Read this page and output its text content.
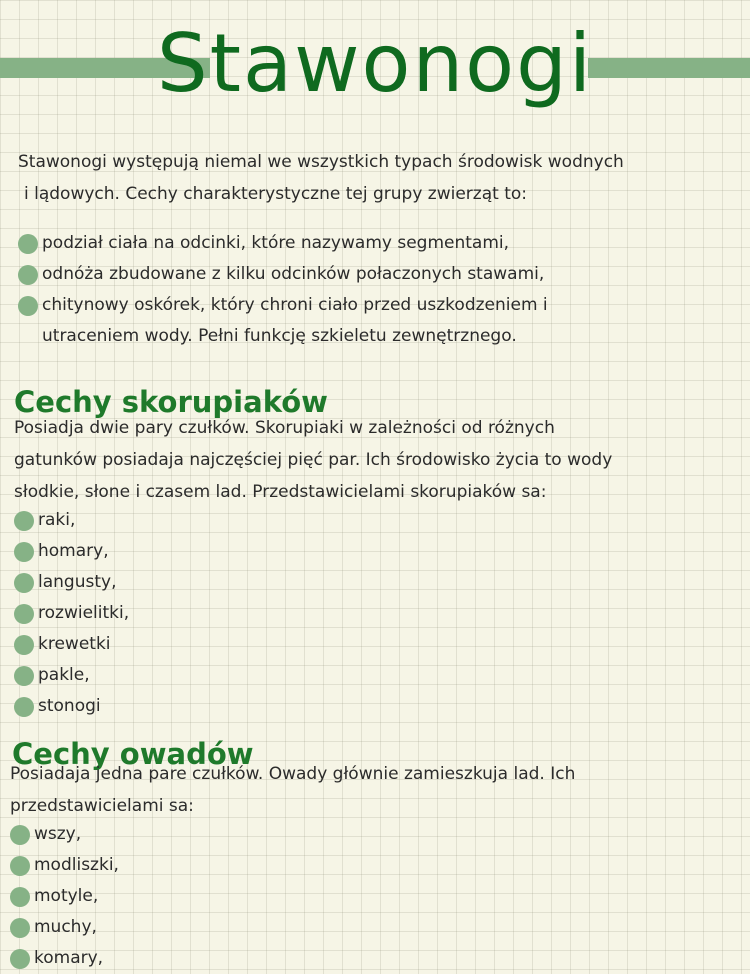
Stawonogi

Stawonogi występują niemal we wszystkich typach środowisk wodnych
i lądowych. Cechy charakterystyczne tej grupy zwierząt to:

podział ciała na odcinki, które nazywamy segmentami,
odnóża zbudowane z kilku odcinków połaczonych stawami,
chitynowy oskórek, który chroni ciało przed uszkodzeniem i
utraceniem wody. Pełni funkcję szkieletu zewnętrznego.
Cechy skorupiaków

Posiadja dwie pary czułków. Skorupiaki w zależności od różnych
gatunków posiadaja najczęściej pięć par. Ich środowisko życia to wody
słodkie, słone i czasem lad. Przedstawicielami skorupiaków sa:

raki,
homary,
langusty,
rozwielitki,
krewetki
pakle,
stonogi
Cechy owadów

Posiadaja jedna pare czułków. Owady głównie zamieszkuja lad. Ich
przedstawicielami sa:

wszy,
modliszki,
motyle,
muchy,
komary,
